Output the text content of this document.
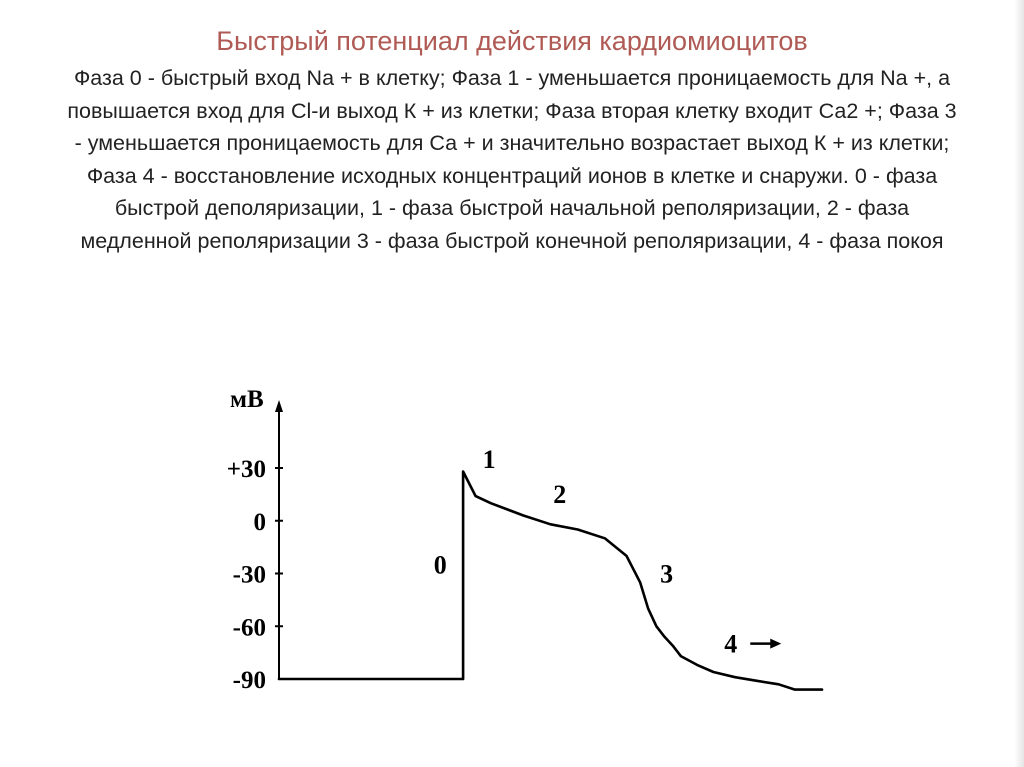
Быстрый потенциал действия кардиомиоцитов

Фаза 0 - быстрый вход Na + в клетку; Фаза 1 - уменьшается проницаемость для Na +, а повышается вход для Cl-и выход К + из клетки; Фаза вторая клетку входит Са2 +; Фаза 3 - уменьшается проницаемость для Са + и значительно возрастает выход К + из клетки; Фаза 4 - восстановление исходных концентраций ионов в клетке и снаружи. 0 - фаза быстрой деполяризации, 1 - фаза быстрой начальной реполяризации, 2 - фаза медленной реполяризации 3 - фаза быстрой конечной реполяризации, 4 - фаза покоя

мВ
+30
0
-30
-60
-90
0
1
2
3
4
